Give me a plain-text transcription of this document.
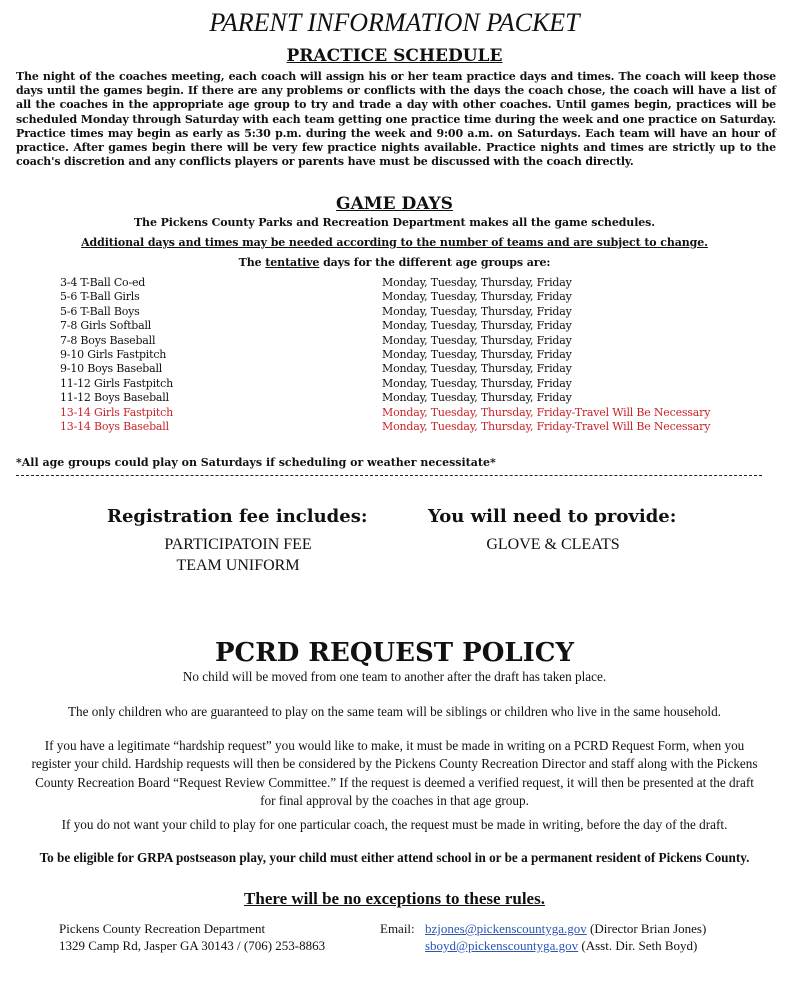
PARENT INFORMATION PACKET
PRACTICE SCHEDULE
The night of the coaches meeting, each coach will assign his or her team practice days and times. The coach will keep those days until the games begin. If there are any problems or conflicts with the days the coach chose, the coach will have a list of all the coaches in the appropriate age group to try and trade a day with other coaches. Until games begin, practices will be scheduled Monday through Saturday with each team getting one practice time during the week and one practice on Saturday. Practice times may begin as early as 5:30 p.m. during the week and 9:00 a.m. on Saturdays. Each team will have an hour of practice. After games begin there will be very few practice nights available. Practice nights and times are strictly up to the coach's discretion and any conflicts players or parents have must be discussed with the coach directly.
GAME DAYS
The Pickens County Parks and Recreation Department makes all the game schedules.
Additional days and times may be needed according to the number of teams and are subject to change.
The tentative days for the different age groups are:
3-4 T-Ball Co-ed	Monday, Tuesday, Thursday, Friday
5-6 T-Ball Girls	Monday, Tuesday, Thursday, Friday
5-6 T-Ball Boys	Monday, Tuesday, Thursday, Friday
7-8 Girls Softball	Monday, Tuesday, Thursday, Friday
7-8 Boys Baseball	Monday, Tuesday, Thursday, Friday
9-10 Girls Fastpitch	Monday, Tuesday, Thursday, Friday
9-10 Boys Baseball	Monday, Tuesday, Thursday, Friday
11-12 Girls Fastpitch	Monday, Tuesday, Thursday, Friday
11-12 Boys Baseball	Monday, Tuesday, Thursday, Friday
13-14 Girls Fastpitch	Monday, Tuesday, Thursday, Friday-Travel Will Be Necessary
13-14 Boys Baseball	Monday, Tuesday, Thursday, Friday-Travel Will Be Necessary
*All age groups could play on Saturdays if scheduling or weather necessitate*
Registration fee includes:
PARTICIPATOIN FEE
TEAM UNIFORM
You will need to provide:
GLOVE & CLEATS
PCRD REQUEST POLICY
No child will be moved from one team to another after the draft has taken place.
The only children who are guaranteed to play on the same team will be siblings or children who live in the same household.
If you have a legitimate “hardship request” you would like to make, it must be made in writing on a PCRD Request Form, when you register your child. Hardship requests will then be considered by the Pickens County Recreation Director and staff along with the Pickens County Recreation Board “Request Review Committee.” If the request is deemed a verified request, it will then be presented at the draft for final approval by the coaches in that age group.
If you do not want your child to play for one particular coach, the request must be made in writing, before the day of the draft.
To be eligible for GRPA postseason play, your child must either attend school in or be a permanent resident of Pickens County.
There will be no exceptions to these rules.
Pickens County Recreation Department
1329 Camp Rd, Jasper GA 30143 / (706) 253-8863
Email: bzjones@pickenscountyga.gov (Director Brian Jones)
sboyd@pickenscountyga.gov (Asst. Dir. Seth Boyd)
